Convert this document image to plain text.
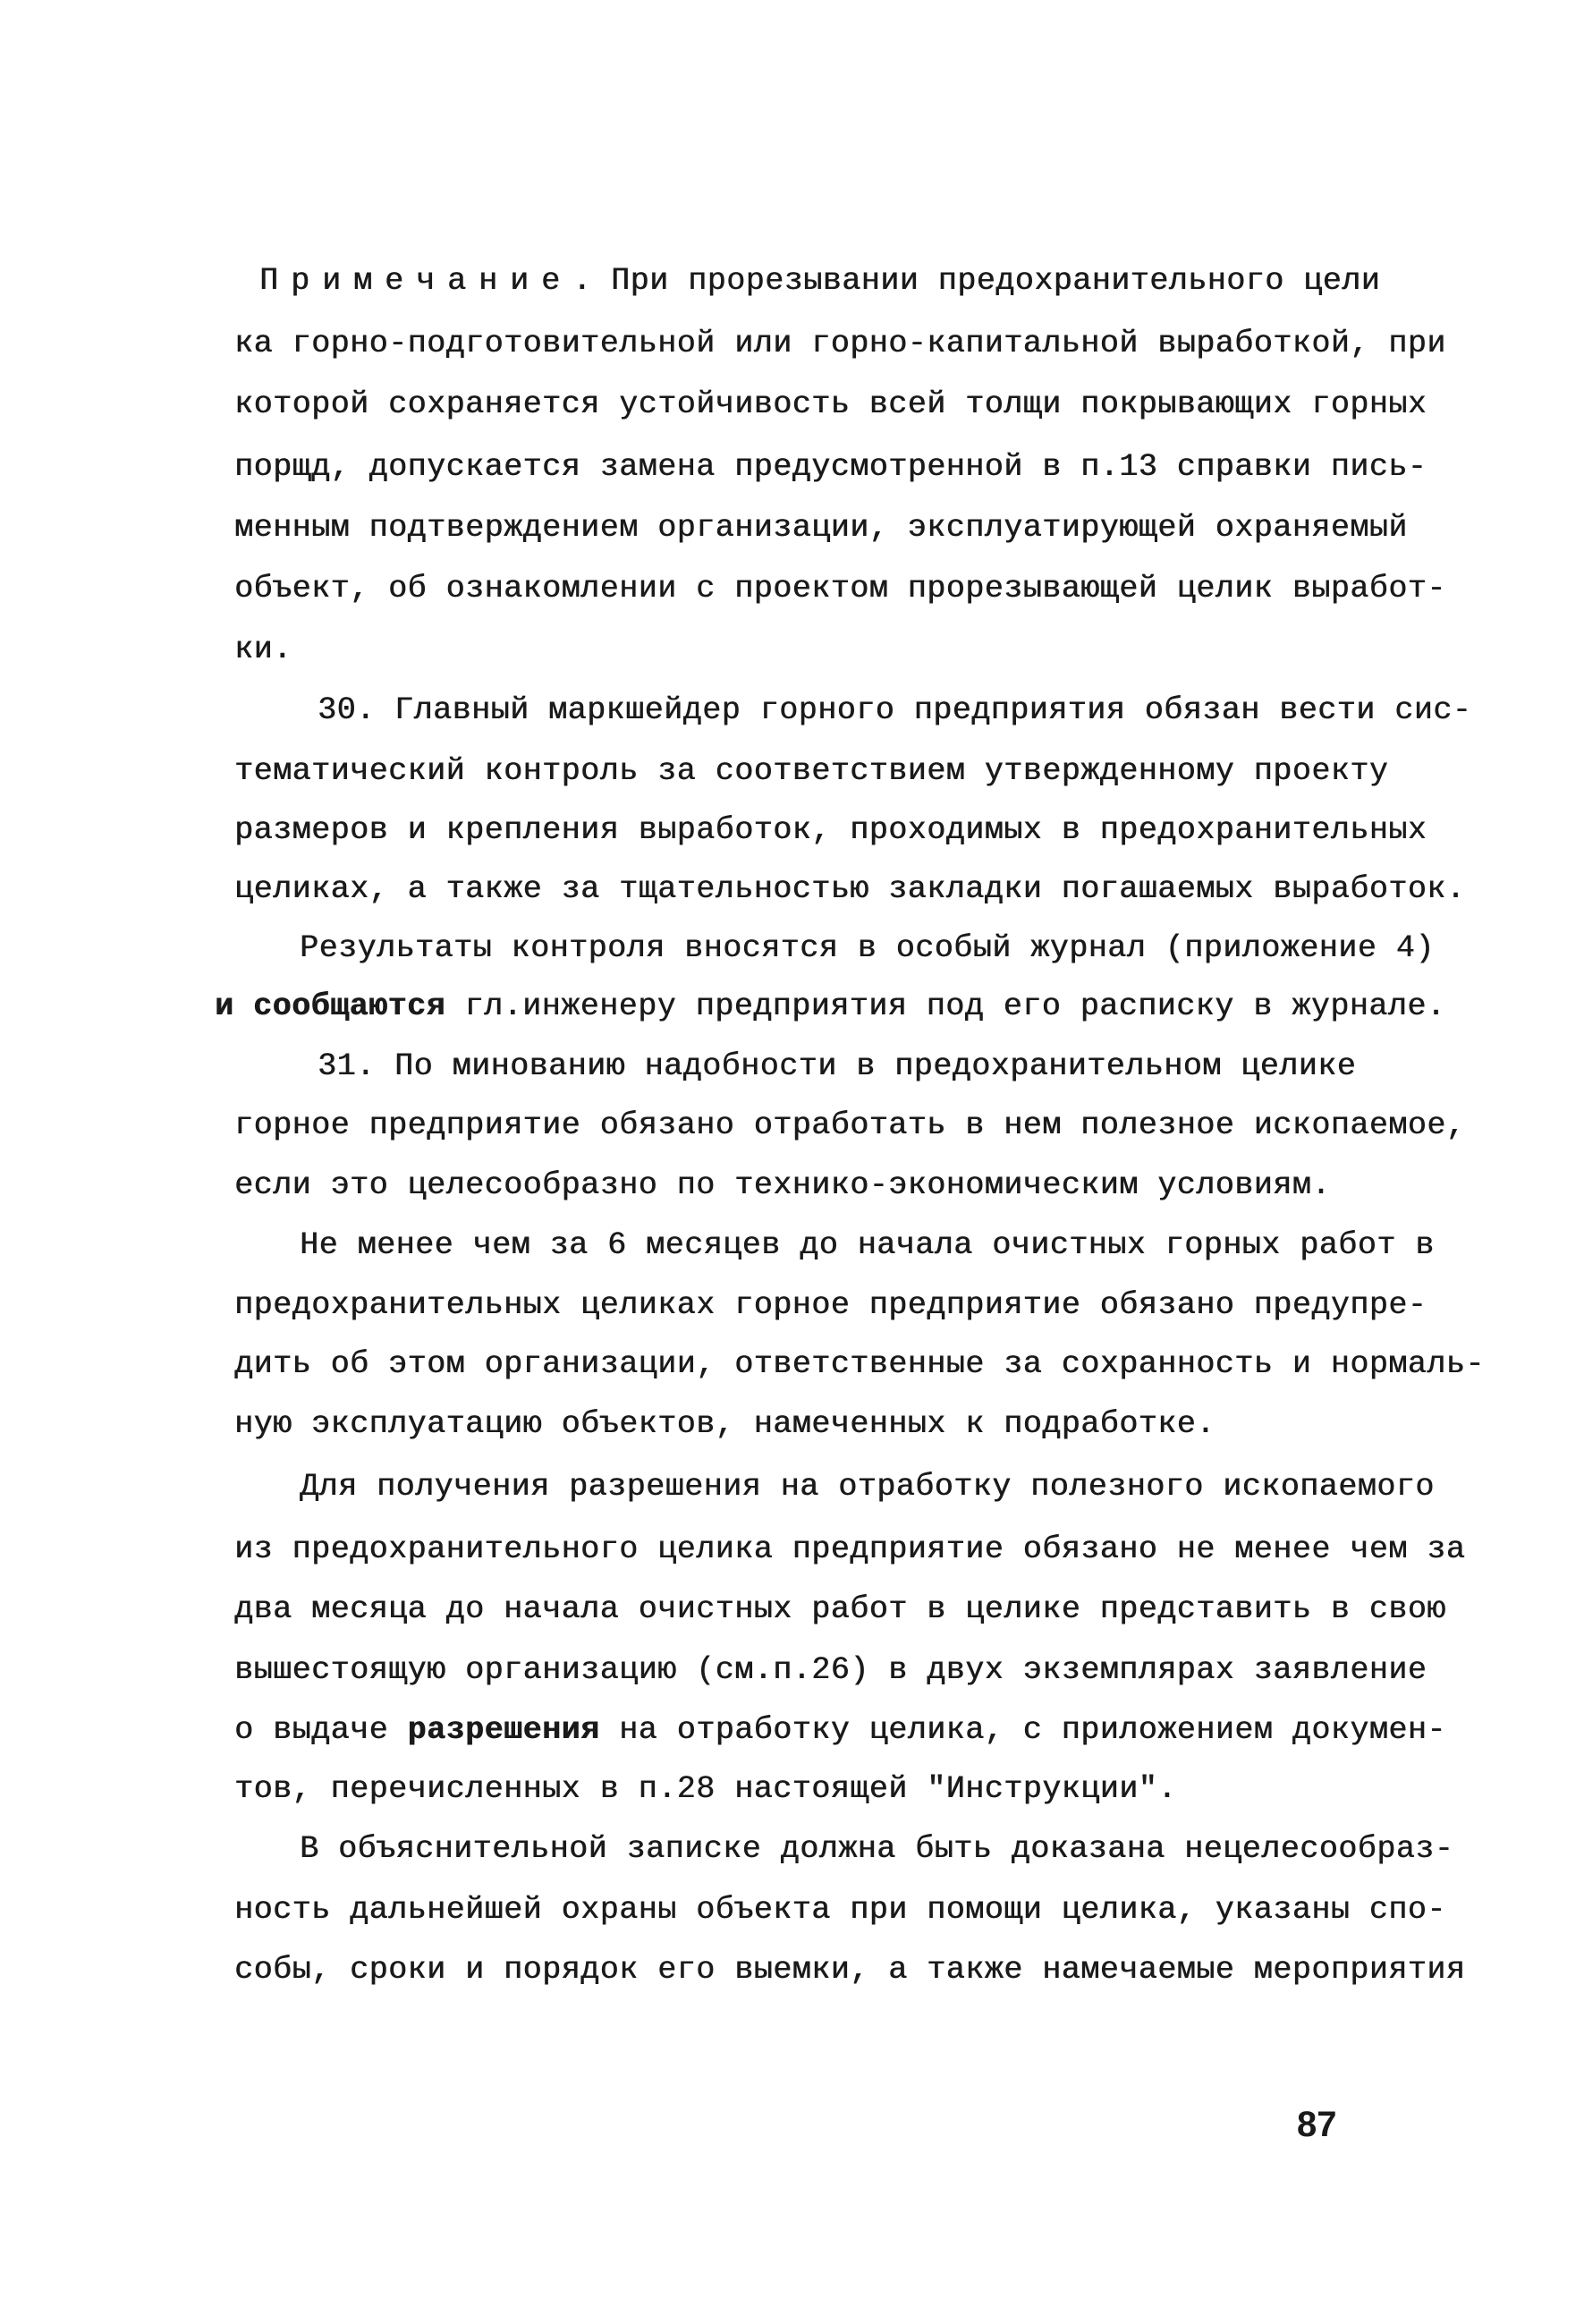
Примечание. При прорезывании предохранительного цели
ка горно-подготовительной или горно-капитальной выработкой, при
которой сохраняется устойчивость всей толщи покрывающих горных
порщд, допускается замена предусмотренной в п.13 справки пись-
менным подтверждением организации, эксплуатирующей охраняемый
объект, об ознакомлении с проектом прорезывающей целик выработ-
ки.
30. Главный маркшейдер горного предприятия обязан вести сис-
тематический контроль за соответствием утвержденному проекту
размеров и крепления выработок, проходимых в предохранительных
целиках, а также за тщательностью закладки погашаемых выработок.
Результаты контроля вносятся в особый журнал (приложение 4)
и сообщаются гл.инженеру предприятия под его расписку в журнале.
31. По минованию надобности в предохранительном целике
горное предприятие обязано отработать в нем полезное ископаемое,
если это целесообразно по технико-экономическим условиям.
Не менее чем за 6 месяцев до начала очистных горных работ в
предохранительных целиках горное предприятие обязано предупре-
дить об этом организации, ответственные за сохранность и нормаль-
ную эксплуатацию объектов, намеченных к подработке.
Для получения разрешения на отработку полезного ископаемого
из предохранительного целика предприятие обязано не менее чем за
два месяца до начала очистных работ в целике представить в свою
вышестоящую организацию (см.п.26) в двух экземплярах заявление
о выдаче разрешения на отработку целика, с приложением докумен-
тов, перечисленных в п.28 настоящей "Инструкции".
В объяснительной записке должна быть доказана нецелесообраз-
ность дальнейшей охраны объекта при помощи целика, указаны спо-
собы, сроки и порядок его выемки, а также намечаемые мероприятия
87
